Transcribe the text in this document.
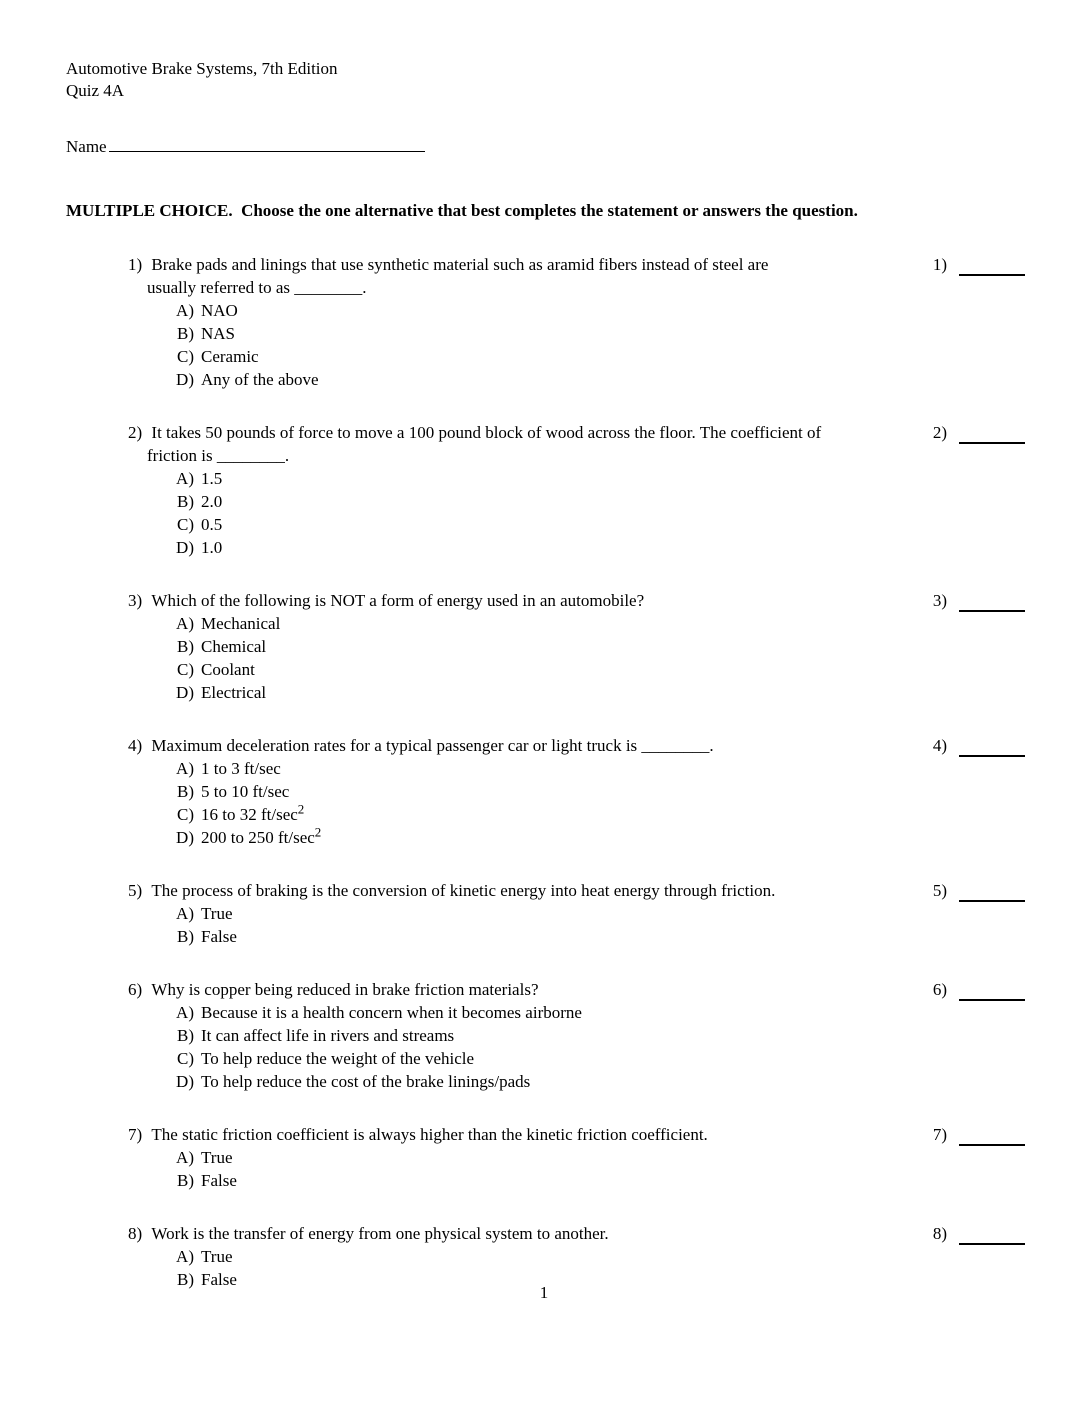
Automotive Brake Systems, 7th Edition
Quiz 4A
Name
MULTIPLE CHOICE.  Choose the one alternative that best completes the statement or answers the question.
1) Brake pads and linings that use synthetic material such as aramid fibers instead of steel are
usually referred to as ________.
A) NAO
B) NAS
C) Ceramic
D) Any of the above
1)
2) It takes 50 pounds of force to move a 100 pound block of wood across the floor. The coefficient of
friction is ________.
A) 1.5
B) 2.0
C) 0.5
D) 1.0
2)
3) Which of the following is NOT a form of energy used in an automobile?
A) Mechanical
B) Chemical
C) Coolant
D) Electrical
3)
4) Maximum deceleration rates for a typical passenger car or light truck is ________.
A) 1 to 3 ft/sec
B) 5 to 10 ft/sec
C) 16 to 32 $ft/\sec^2$
D) 200 to 250 $ft/\sec^2$
4)
5) The process of braking is the conversion of kinetic energy into heat energy through friction.
A) True
B) False
5)
6) Why is copper being reduced in brake friction materials?
A) Because it is a health concern when it becomes airborne
B) It can affect life in rivers and streams
C) To help reduce the weight of the vehicle
D) To help reduce the cost of the brake linings/pads
6)
7) The static friction coefficient is always higher than the kinetic friction coefficient.
A) True
B) False
7)
8) Work is the transfer of energy from one physical system to another.
A) True
B) False
8)
1
